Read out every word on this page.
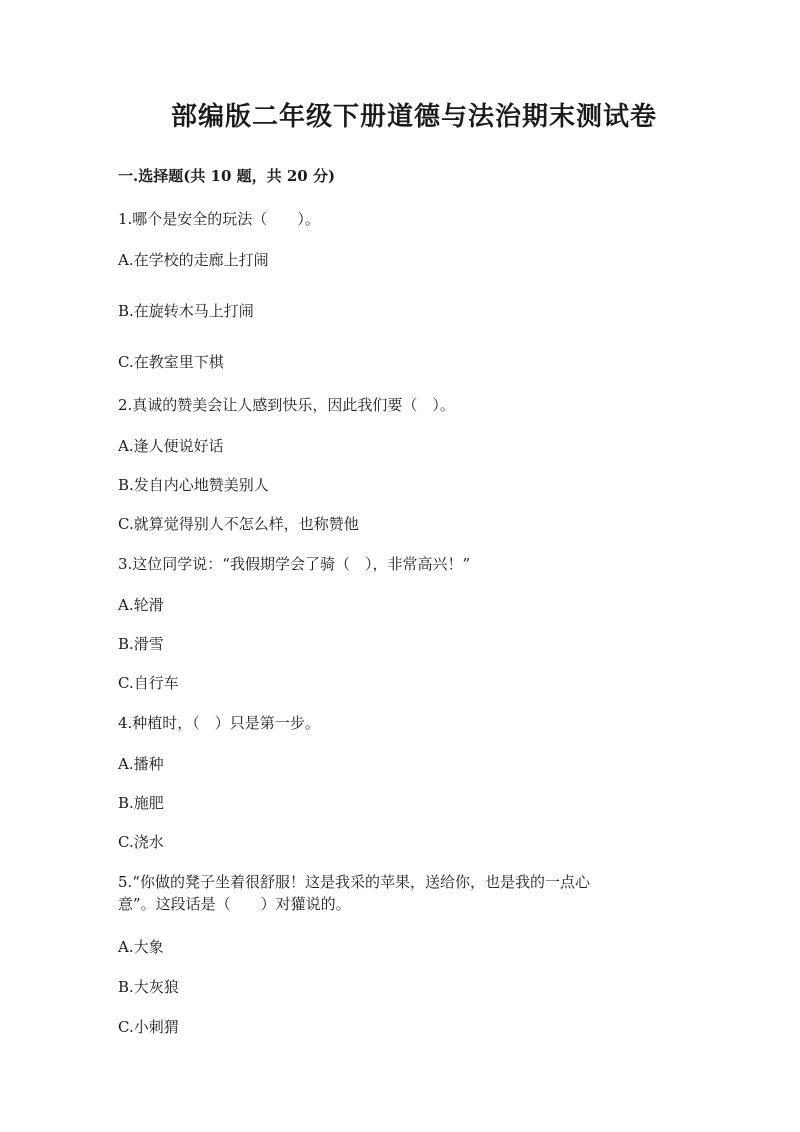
部编版二年级下册道德与法治期末测试卷
一.选择题(共 10 题，共 20 分)

1.哪个是安全的玩法（　　）。

A.在学校的走廊上打闹

B.在旋转木马上打闹

C.在教室里下棋

2.真诚的赞美会让人感到快乐，因此我们要（　）。

A.逢人便说好话

B.发自内心地赞美别人

C.就算觉得别人不怎么样，也称赞他

3.这位同学说：“我假期学会了骑（　），非常高兴！”

A.轮滑

B.滑雪

C.自行车

4.种植时，（　）只是第一步。

A.播种

B.施肥

C.浇水

5.“你做的凳子坐着很舒服！这是我采的苹果，送给你，也是我的一点心
意”。这段话是（　　）对獾说的。

A.大象

B.大灰狼

C.小刺猬
